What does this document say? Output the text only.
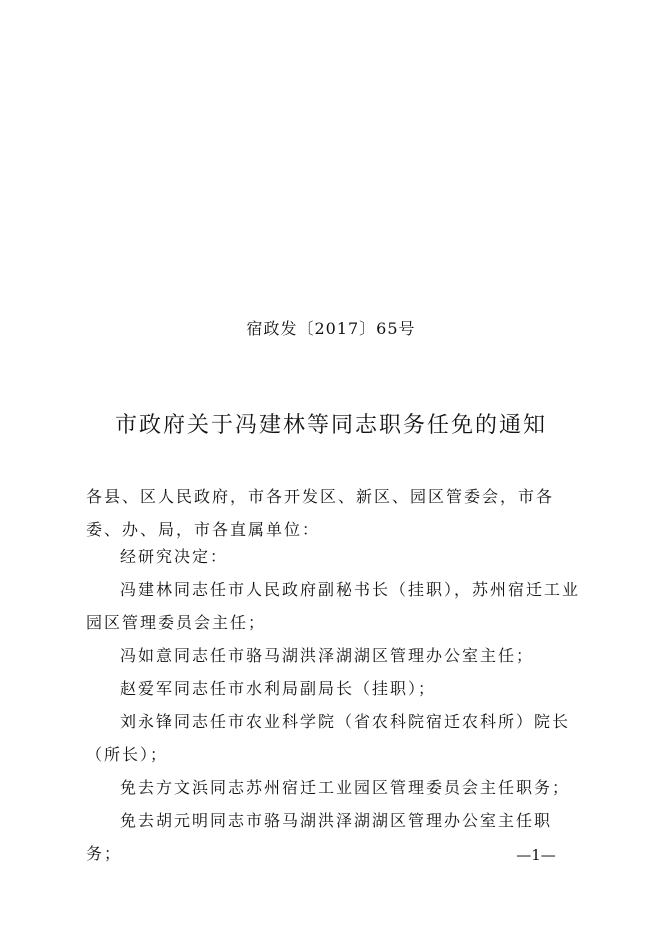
宿政发〔2017〕65号
市政府关于冯建林等同志职务任免的通知
各县、区人民政府，市各开发区、新区、园区管委会，市各委、办、局，市各直属单位：

经研究决定：

冯建林同志任市人民政府副秘书长（挂职），苏州宿迁工业园区管理委员会主任；

冯如意同志任市骆马湖洪泽湖湖区管理办公室主任；

赵爱军同志任市水利局副局长（挂职）；

刘永锋同志任市农业科学院（省农科院宿迁农科所）院长（所长）；

免去方文浜同志苏州宿迁工业园区管理委员会主任职务；

免去胡元明同志市骆马湖洪泽湖湖区管理办公室主任职务；	—1—
